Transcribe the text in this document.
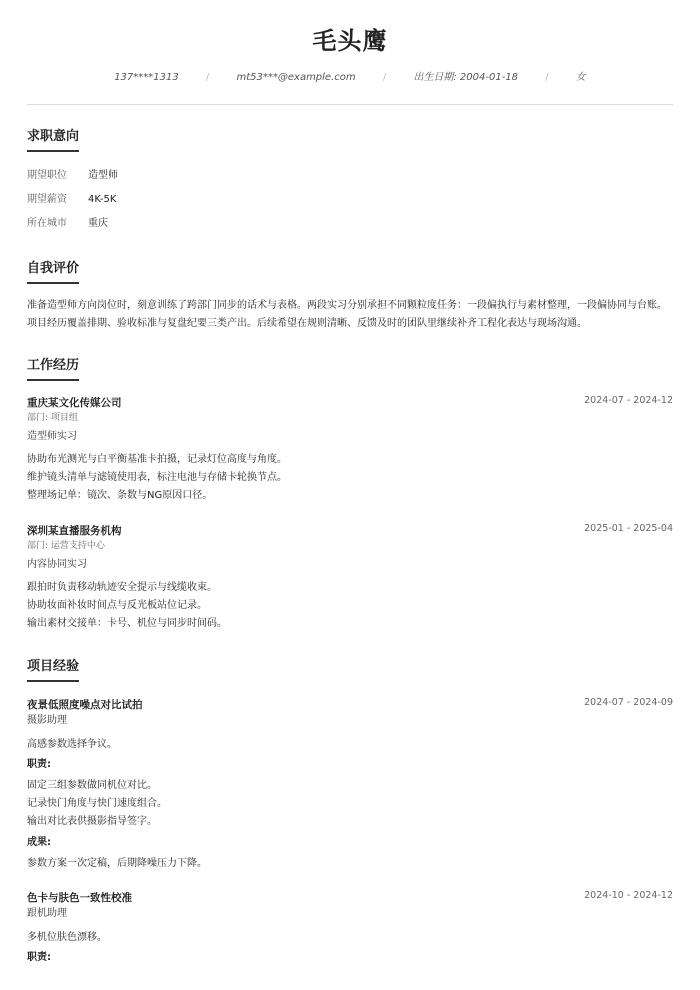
毛头鹰
137****1313	/	mt53***@example.com	/	出生日期: 2004-01-18	/	女
求职意向
期望职位 造型师
期望薪资 4K-5K
所在城市 重庆
自我评价
准备造型师方向岗位时，刻意训练了跨部门同步的话术与表格。两段实习分别承担不同颗粒度任务：一段偏执行与素材整理，一段偏协同与台账。项目经历覆盖排期、验收标准与复盘纪要三类产出。后续希望在规则清晰、反馈及时的团队里继续补齐工程化表达与现场沟通。
工作经历
重庆某文化传媒公司	2024-07 - 2024-12
部门: 项目组
造型师实习
协助布光测光与白平衡基准卡拍摄，记录灯位高度与角度。
维护镜头清单与滤镜使用表，标注电池与存储卡轮换节点。
整理场记单：镜次、条数与NG原因口径。
深圳某直播服务机构	2025-01 - 2025-04
部门: 运营支持中心
内容协同实习
跟拍时负责移动轨迹安全提示与线缆收束。
协助妆面补妆时间点与反光板站位记录。
输出素材交接单：卡号、机位与同步时间码。
项目经验
夜景低照度噪点对比试拍	2024-07 - 2024-09
摄影助理
高感参数选择争议。
职责:
固定三组参数做同机位对比。
记录快门角度与快门速度组合。
输出对比表供摄影指导签字。
成果:
参数方案一次定稿，后期降噪压力下降。
色卡与肤色一致性校准	2024-10 - 2024-12
跟机助理
多机位肤色漂移。
职责:
